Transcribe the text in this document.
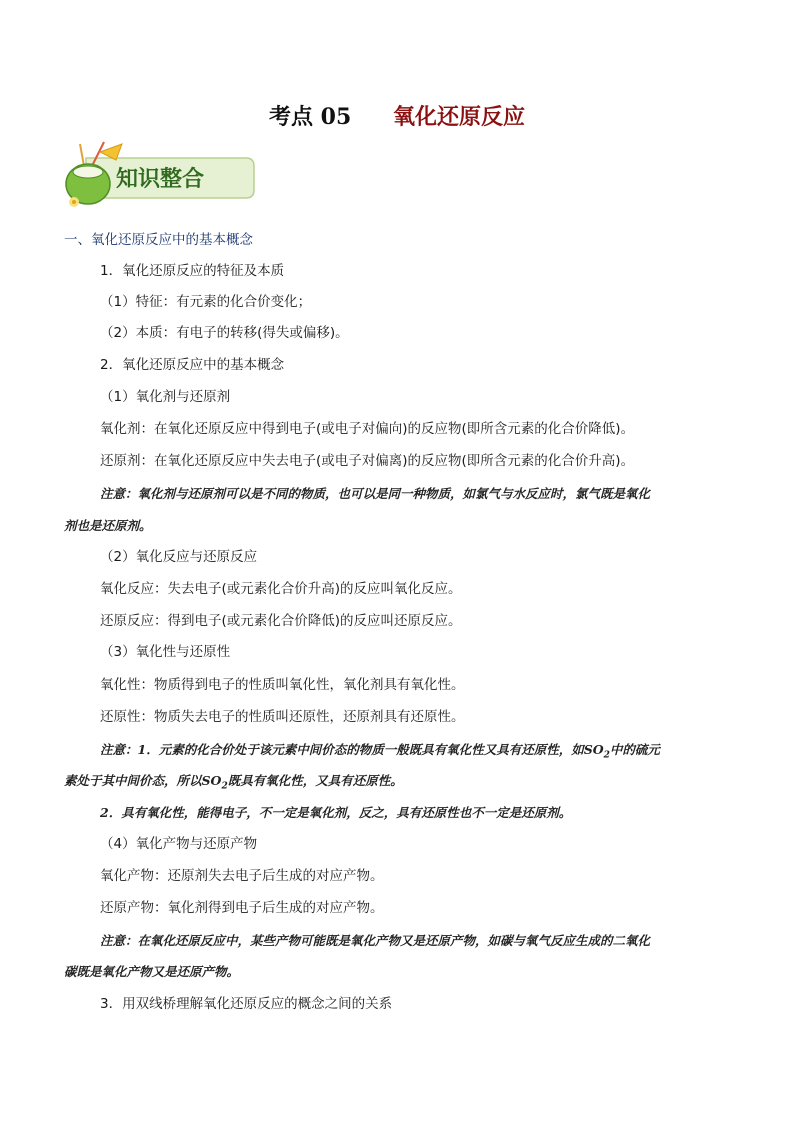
考点 05 氧化还原反应
知识整合
一、氧化还原反应中的基本概念
1．氧化还原反应的特征及本质
（1）特征：有元素的化合价变化；
（2）本质：有电子的转移(得失或偏移)。
2．氧化还原反应中的基本概念
（1）氧化剂与还原剂
氧化剂：在氧化还原反应中得到电子(或电子对偏向)的反应物(即所含元素的化合价降低)。
还原剂：在氧化还原反应中失去电子(或电子对偏离)的反应物(即所含元素的化合价升高)。
注意：氧化剂与还原剂可以是不同的物质，也可以是同一种物质，如氯气与水反应时，氯气既是氧化
剂也是还原剂。
（2）氧化反应与还原反应
氧化反应：失去电子(或元素化合价升高)的反应叫氧化反应。
还原反应：得到电子(或元素化合价降低)的反应叫还原反应。
（3）氧化性与还原性
氧化性：物质得到电子的性质叫氧化性，氧化剂具有氧化性。
还原性：物质失去电子的性质叫还原性，还原剂具有还原性。
注意：1．元素的化合价处于该元素中间价态的物质一般既具有氧化性又具有还原性，如$SO_2$中的硫元
素处于其中间价态，所以$SO_2$既具有氧化性，又具有还原性。
2．具有氧化性，能得电子，不一定是氧化剂，反之，具有还原性也不一定是还原剂。
（4）氧化产物与还原产物
氧化产物：还原剂失去电子后生成的对应产物。
还原产物：氧化剂得到电子后生成的对应产物。
注意：在氧化还原反应中，某些产物可能既是氧化产物又是还原产物，如碳与氧气反应生成的二氧化
碳既是氧化产物又是还原产物。
3．用双线桥理解氧化还原反应的概念之间的关系
